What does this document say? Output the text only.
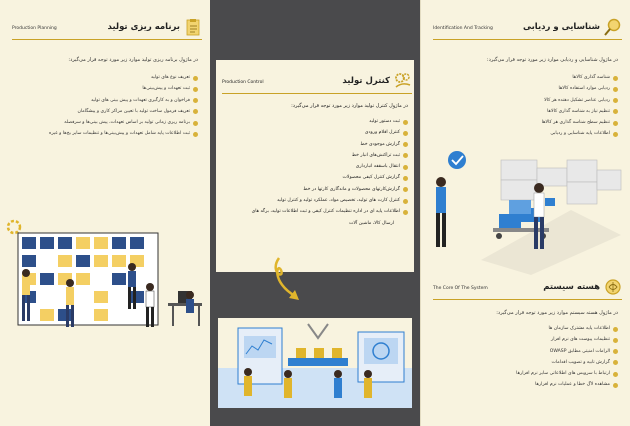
برنامه ریزی تولید
Production Planning
در ماژول برنامه ریزی تولید موارد زیر مورد توجه قرار می‌گیرد:
تعریف نوع های تولید
ثبت تعهدات و پیش‌بینی‌ها
فراخوان و به کارگیری تعهدات و پیش بینی های تولید
تعریف فرمول ساخت تولید با تعیین مراکز کاری و پیشگامان
برنامه ریزی زمانی تولید بر اساس تعهدات، پیش بینی‌ها و سرفصله
ثبت اطلاعات پایه شامل تعهدات و پیش‌بینی‌ها و تنظیمات سایر بخ‌ها و غیره
کنترل تولید
Production Control
در ماژول کنترل تولید موارد زیر مورد توجه قرار می‌گیرد:
ثبت دستور تولید
کنترل اقلام ورودی
گزارش موجودی خط
ثبت تراکنش‌های انبار خط
انتقال با‌سقفه انبارداری
گزارش کنترل کیفی محصولات
گزارش‌کارتهای محصولات و ماندگاری کارتها در خط
کنترل کارت های تولید، تخصیص مواد، عملکرد تولید و کنترل تولید
اطلاعات پایه ای در اداره تنظیمات کنترل کیفی و ثبت اطلاعات تولید، برگه های
ارسال کالا، ماشین آلات
شناسایی و ردیابی
Identification And Tracking
در ماژول شناسایی و ردیابی موارد زیر مورد توجه قرار می‌گیرد:
شناسه گذاری کالاها
ردیابی موارد استفاده کالاها
ردیابی عناصر تشکیل دهنده هر کالا
تنظیم نیاز به شناسه گذاری کالاها
تنظیم سطح شناسه گذاری هر کالاها
اطلاعات پایه شناسایی و ردیابی
هسته سیستم
The Core Of The System
در ماژول هسته سیستم موارد زیر مورد توجه قرار می‌گیرد:
اطلاعات پایه مشترک سازمان ها
تنظیمات پیوست های نرم افزار
الزامات امنیتی مطابق OWASP
گزارش تابیه و تصویب اقدامات
ارتباط با سرویس های اطلاعاتی سایر نرم افزارها
مشاهده لاگ خطا و عملیات نرم افزارها
